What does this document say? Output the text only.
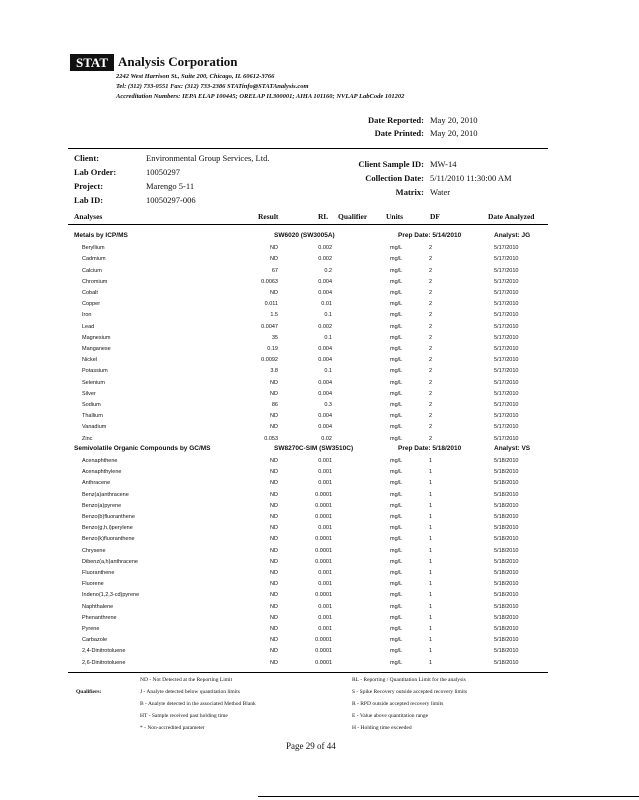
STAT Analysis Corporation
2242 West Harrison St., Suite 200, Chicago, IL 60612-3766
Tel: (312) 733-0551 Fax: (312) 733-2386 STATinfo@STATAnalysis.com
Accreditation Numbers: IEPA ELAP 100445; ORELAP IL300001; AIHA 101160; NVLAP LabCode 101202
Date Reported: May 20, 2010
Date Printed: May 20, 2010
Client:	Environmental Group Services, Ltd.
Lab Order:	10050297
Project:	Marengo 5-11
Lab ID:	10050297-006
Client Sample ID: MW-14
Collection Date: 5/11/2010 11:30:00 AM
Matrix: Water
Analyses	Result	RL Qualifier	Units	DF	Date Analyzed
Metals by ICP/MS	SW6020 (SW3005A)	Prep Date: 5/14/2010	Analyst: JG
Beryllium	ND	0.002	mg/L	2	5/17/2010
Cadmium	ND	0.002	mg/L	2	5/17/2010
Calcium	67	0.2	mg/L	2	5/17/2010
Chromium	0.0063	0.004	mg/L	2	5/17/2010
Cobalt	ND	0.004	mg/L	2	5/17/2010
Copper	0.011	0.01	mg/L	2	5/17/2010
Iron	1.5	0.1	mg/L	2	5/17/2010
Lead	0.0047	0.002	mg/L	2	5/17/2010
Magnesium	35	0.1	mg/L	2	5/17/2010
Manganese	0.19	0.004	mg/L	2	5/17/2010
Nickel	0.0092	0.004	mg/L	2	5/17/2010
Potassium	3.8	0.1	mg/L	2	5/17/2010
Selenium	ND	0.004	mg/L	2	5/17/2010
Silver	ND	0.004	mg/L	2	5/17/2010
Sodium	86	0.3	mg/L	2	5/17/2010
Thallium	ND	0.004	mg/L	2	5/17/2010
Vanadium	ND	0.004	mg/L	2	5/17/2010
Zinc	0.053	0.02	mg/L	2	5/17/2010
Semivolatile Organic Compounds by GC/MS	SW8270C-SIM (SW3510C)	Prep Date: 5/18/2010	Analyst: VS
Acenaphthene	ND	0.001	mg/L	1	5/18/2010
Acenaphthylene	ND	0.001	mg/L	1	5/18/2010
Anthracene	ND	0.001	mg/L	1	5/18/2010
Benz(a)anthracene	ND	0.0001	mg/L	1	5/18/2010
Benzo(a)pyrene	ND	0.0001	mg/L	1	5/18/2010
Benzo(b)fluoranthene	ND	0.0001	mg/L	1	5/18/2010
Benzo(g,h,i)perylene	ND	0.001	mg/L	1	5/18/2010
Benzo(k)fluoranthene	ND	0.0001	mg/L	1	5/18/2010
Chrysene	ND	0.0001	mg/L	1	5/18/2010
Dibenz(a,h)anthracene	ND	0.0001	mg/L	1	5/18/2010
Fluoranthene	ND	0.001	mg/L	1	5/18/2010
Fluorene	ND	0.001	mg/L	1	5/18/2010
Indeno(1,2,3-cd)pyrene	ND	0.0001	mg/L	1	5/18/2010
Naphthalene	ND	0.001	mg/L	1	5/18/2010
Phenanthrene	ND	0.001	mg/L	1	5/18/2010
Pyrene	ND	0.001	mg/L	1	5/18/2010
Carbazole	ND	0.0001	mg/L	1	5/18/2010
2,4-Dinitrotoluene	ND	0.0001	mg/L	1	5/18/2010
2,6-Dinitrotoluene	ND	0.0001	mg/L	1	5/18/2010
Qualifiers:
ND - Not Detected at the Reporting Limit
J - Analyte detected below quantitation limits
B - Analyte detected in the associated Method Blank
HT - Sample received past holding time
* - Non-accredited parameter
RL - Reporting / Quantitation Limit for the analysis
S - Spike Recovery outside accepted recovery limits
R - RPD outside accepted recovery limits
E - Value above quantitation range
H - Holding time exceeded
Page 29 of 44
